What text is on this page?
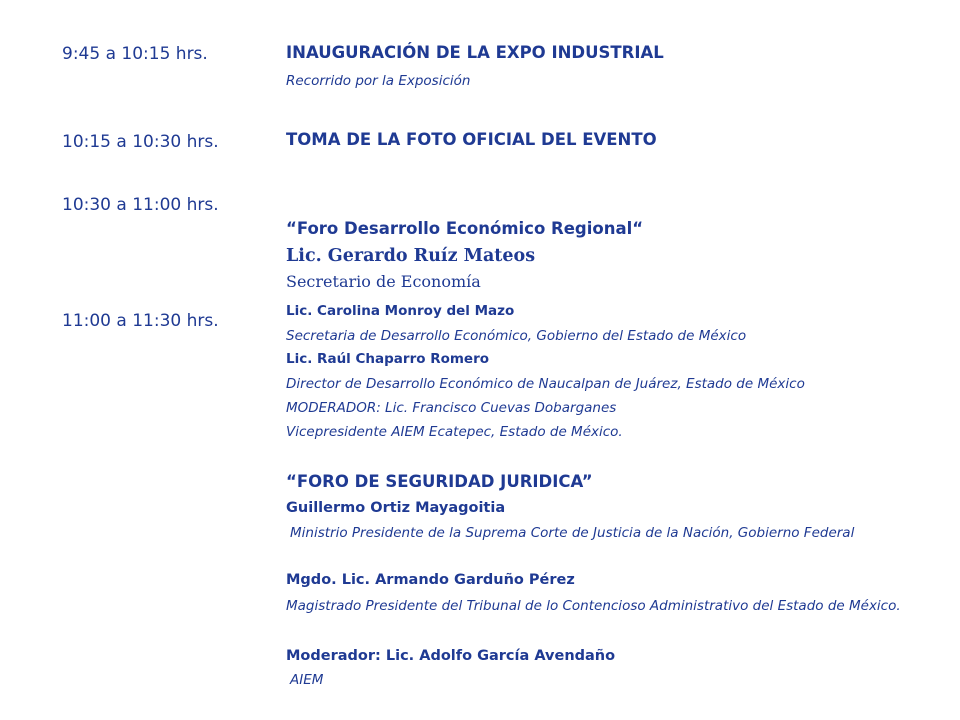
9:45 a 10:15 hrs.
10:15 a 10:30 hrs.
10:30 a 11:00 hrs.
11:00 a 11:30 hrs.
INAUGURACIÓN DE LA EXPO INDUSTRIAL
Recorrido por la Exposición
TOMA DE LA FOTO OFICIAL DEL EVENTO
“Foro Desarrollo Económico Regional“
Lic. Gerardo Ruíz Mateos
Secretario de Economía
Lic. Carolina Monroy del Mazo
Secretaria de Desarrollo Económico, Gobierno del Estado de México
Lic. Raúl Chaparro Romero
Director de Desarrollo Económico de Naucalpan de Juárez, Estado de México
MODERADOR: Lic. Francisco Cuevas Dobarganes
Vicepresidente AIEM Ecatepec, Estado de México.
“FORO DE SEGURIDAD JURIDICA”
Guillermo Ortiz Mayagoitia
Ministrio Presidente de la Suprema Corte de Justicia de la Nación, Gobierno Federal
Mgdo. Lic. Armando Garduño Pérez
Magistrado Presidente del Tribunal de lo Contencioso Administrativo del Estado de México.
Moderador: Lic. Adolfo García Avendaño
AIEM
